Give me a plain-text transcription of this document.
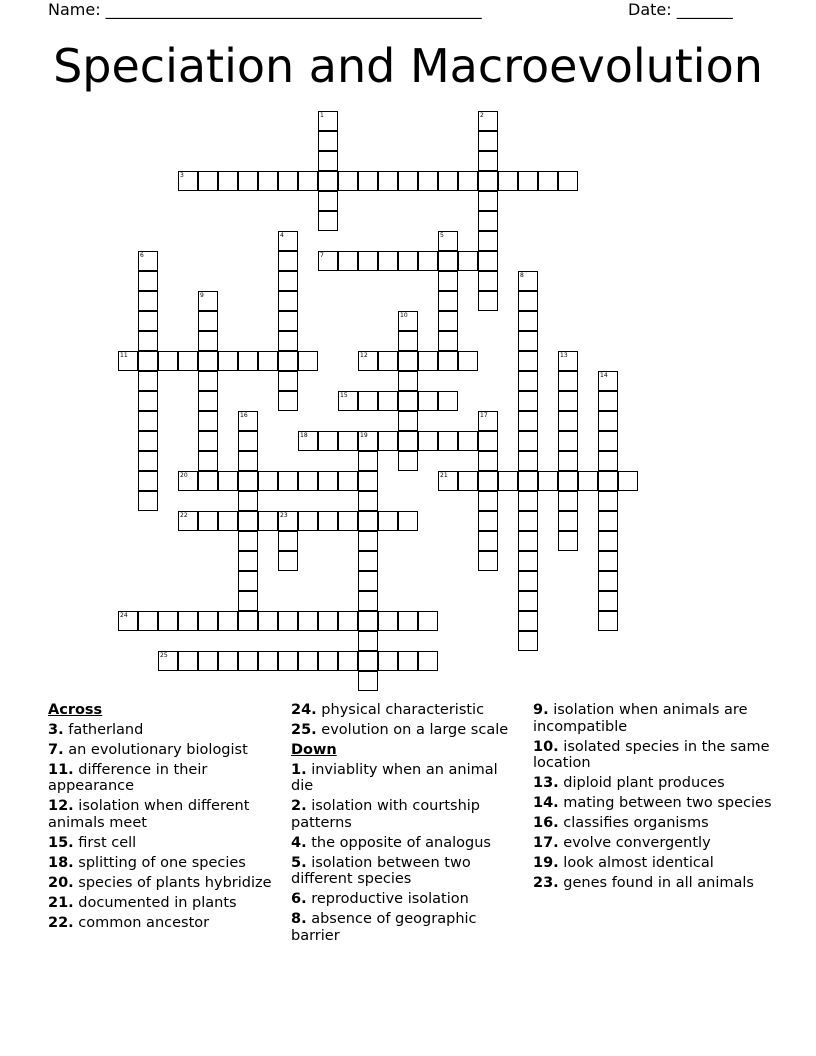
Name: _______________________________________________	Date: _______
Speciation and Macroevolution
1	2
3
4	5
6	7
8
9
10
11	12	13
14
15
16	17
18	19
20	21
22	23
24
25
Across
3. fatherland
7. an evolutionary biologist
11. difference in their appearance
12. isolation when different animals meet
15. first cell
18. splitting of one species
20. species of plants hybridize
21. documented in plants
22. common ancestor
24. physical characteristic
25. evolution on a large scale
Down
1. inviablity when an animal die
2. isolation with courtship patterns
4. the opposite of analogus
5. isolation between two different species
6. reproductive isolation
8. absence of geographic barrier
9. isolation when animals are incompatible
10. isolated species in the same location
13. diploid plant produces
14. mating between two species
16. classifies organisms
17. evolve convergently
19. look almost identical
23. genes found in all animals
